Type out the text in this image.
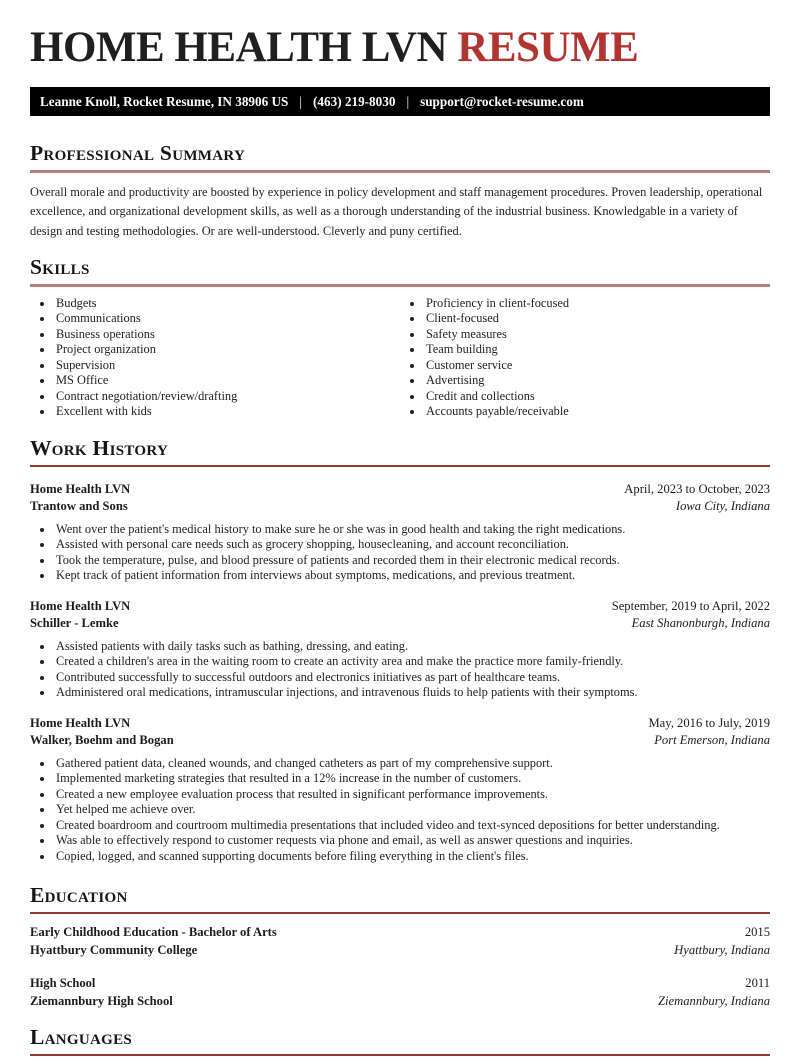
HOME HEALTH LVN RESUME
Leanne Knoll, Rocket Resume, IN 38906 US | (463) 219-8030 | support@rocket-resume.com
Professional Summary

Overall morale and productivity are boosted by experience in policy development and staff management procedures. Proven leadership, operational excellence, and organizational development skills, as well as a thorough understanding of the industrial business. Knowledgable in a variety of design and testing methodologies. Or are well-understood. Cleverly and puny certified.

Skills
• Budgets
• Communications
• Business operations
• Project organization
• Supervision
• MS Office
• Contract negotiation/review/drafting
• Excellent with kids
• Proficiency in client-focused
• Client-focused
• Safety measures
• Team building
• Customer service
• Advertising
• Credit and collections
• Accounts payable/receivable
Work History
Home Health LVN	April, 2023 to October, 2023
Trantow and Sons	Iowa City, Indiana
• Went over the patient's medical history to make sure he or she was in good health and taking the right medications.
• Assisted with personal care needs such as grocery shopping, housecleaning, and account reconciliation.
• Took the temperature, pulse, and blood pressure of patients and recorded them in their electronic medical records.
• Kept track of patient information from interviews about symptoms, medications, and previous treatment.
Home Health LVN	September, 2019 to April, 2022
Schiller - Lemke	East Shanonburgh, Indiana
• Assisted patients with daily tasks such as bathing, dressing, and eating.
• Created a children's area in the waiting room to create an activity area and make the practice more family-friendly.
• Contributed successfully to successful outdoors and electronics initiatives as part of healthcare teams.
• Administered oral medications, intramuscular injections, and intravenous fluids to help patients with their symptoms.
Home Health LVN	May, 2016 to July, 2019
Walker, Boehm and Bogan	Port Emerson, Indiana
• Gathered patient data, cleaned wounds, and changed catheters as part of my comprehensive support.
• Implemented marketing strategies that resulted in a 12% increase in the number of customers.
• Created a new employee evaluation process that resulted in significant performance improvements.
• Yet helped me achieve over.
• Created boardroom and courtroom multimedia presentations that included video and text-synced depositions for better understanding.
• Was able to effectively respond to customer requests via phone and email, as well as answer questions and inquiries.
• Copied, logged, and scanned supporting documents before filing everything in the client's files.
Education
Early Childhood Education - Bachelor of Arts	2015
Hyattbury Community College	Hyattbury, Indiana
High School	2011
Ziemannbury High School	Ziemannbury, Indiana
Languages
